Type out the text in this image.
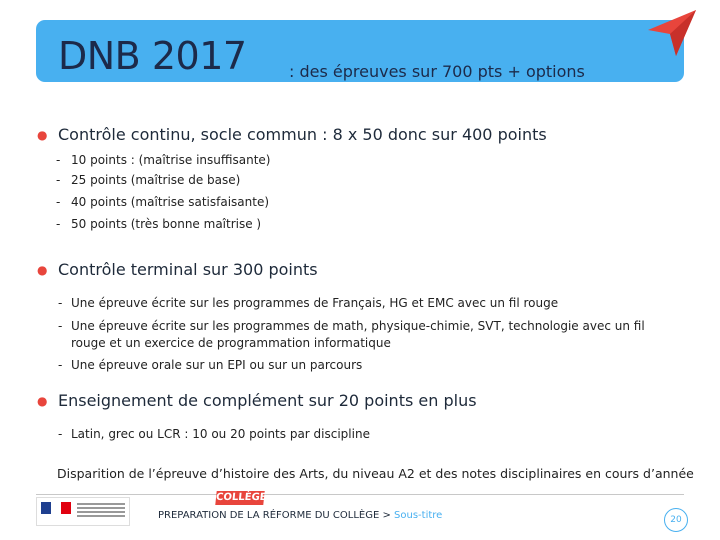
DNB 2017	: des épreuves sur 700 pts + options
● Contrôle continu, socle commun : 8 x 50 donc sur 400 points
- 10 points : (maîtrise insuffisante)
- 25 points (maîtrise de base)
- 40 points (maîtrise satisfaisante)
- 50 points (très bonne maîtrise )
● Contrôle terminal sur 300 points
- Une épreuve écrite sur les programmes de Français, HG et EMC avec un fil rouge
- Une épreuve écrite sur les programmes de math, physique-chimie, SVT, technologie avec un fil
rouge et un exercice de programmation informatique
- Une épreuve orale sur un EPI ou sur un parcours
● Enseignement de complément sur 20 points en plus
- Latin, grec ou LCR : 10 ou 20 points par discipline
Disparition de l’épreuve d’histoire des Arts, du niveau A2 et des notes disciplinaires en cours d’année
COLLÈGE
PREPARATION DE LA RÉFORME DU COLLÈGE > Sous-titre	20
